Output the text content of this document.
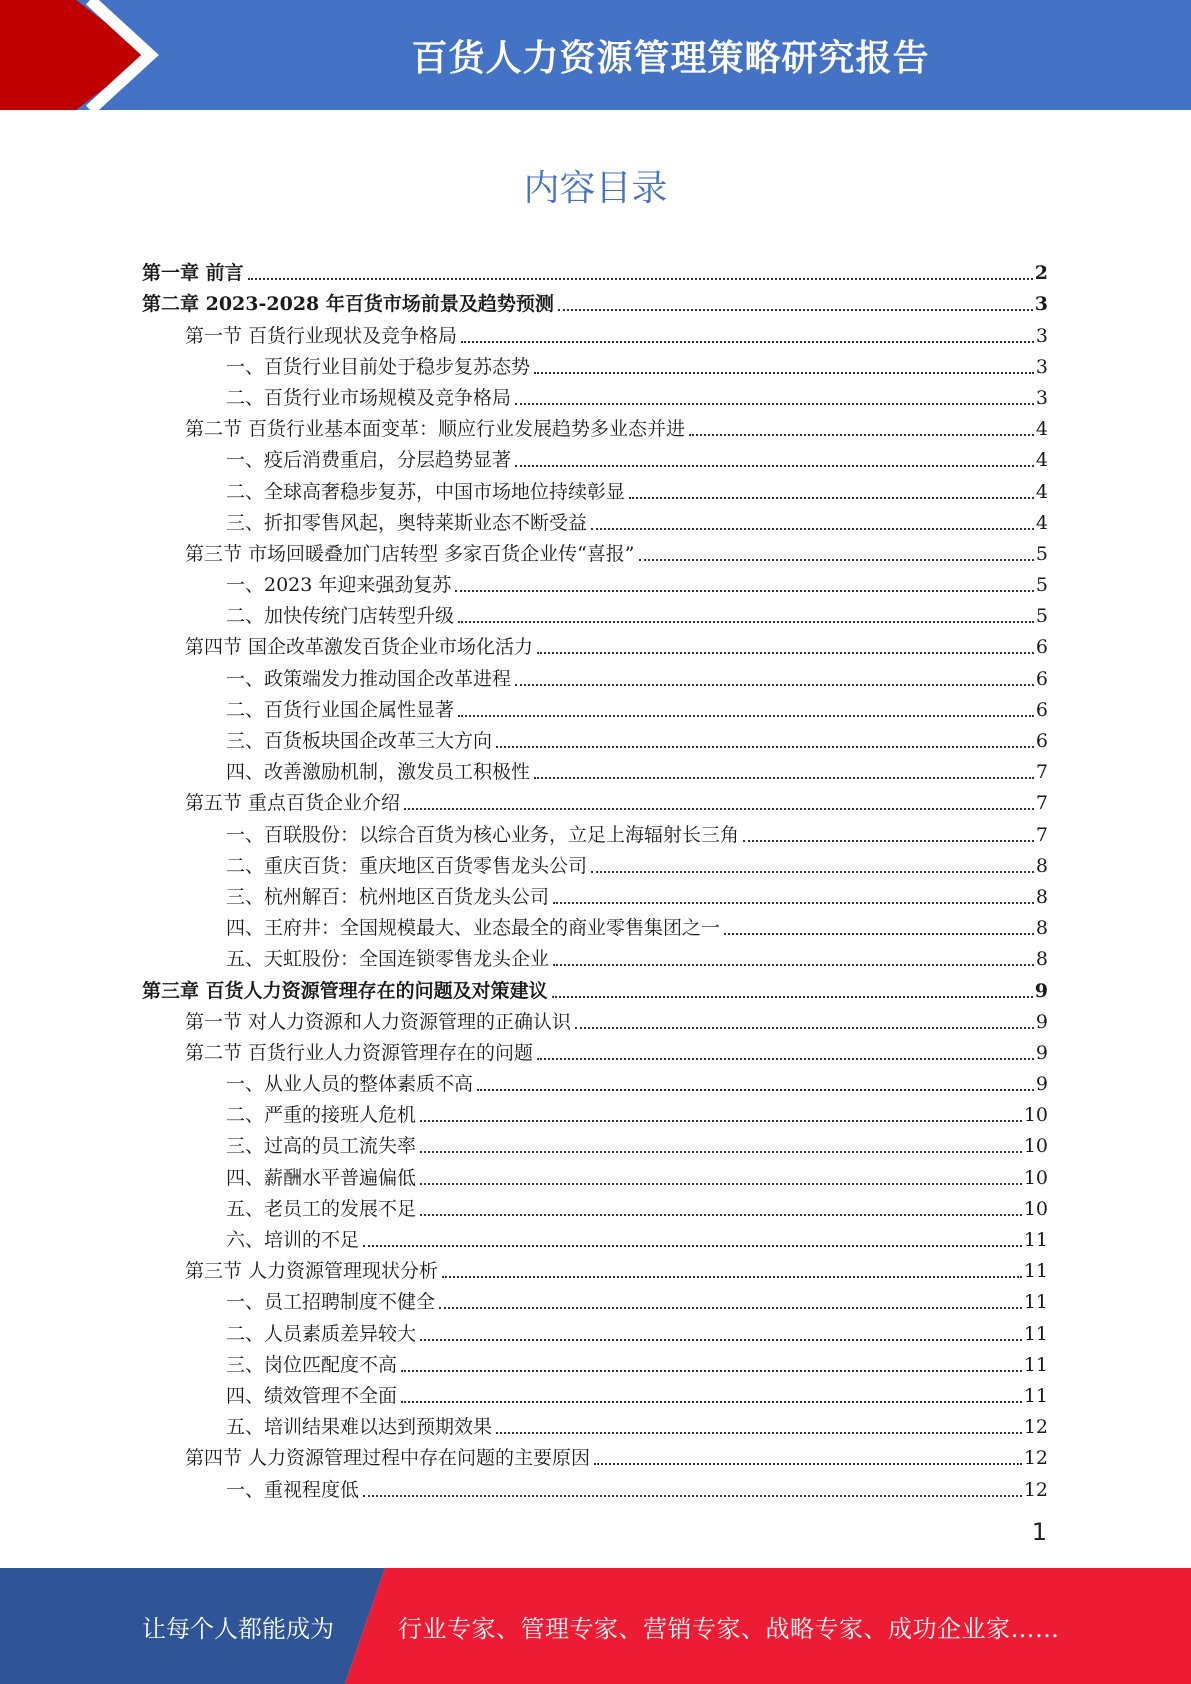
百货人力资源管理策略研究报告
内容目录
第一章 前言	2
第二章 2023-2028 年百货市场前景及趋势预测	3
第一节 百货行业现状及竞争格局	3
一、百货行业目前处于稳步复苏态势	3
二、百货行业市场规模及竞争格局	3
第二节 百货行业基本面变革：顺应行业发展趋势多业态并进	4
一、疫后消费重启，分层趋势显著	4
二、全球高奢稳步复苏，中国市场地位持续彰显	4
三、折扣零售风起，奥特莱斯业态不断受益	4
第三节 市场回暖叠加门店转型 多家百货企业传“喜报”	5
一、2023 年迎来强劲复苏	5
二、加快传统门店转型升级	5
第四节 国企改革激发百货企业市场化活力	6
一、政策端发力推动国企改革进程	6
二、百货行业国企属性显著	6
三、百货板块国企改革三大方向	6
四、改善激励机制，激发员工积极性	7
第五节 重点百货企业介绍	7
一、百联股份：以综合百货为核心业务，立足上海辐射长三角	7
二、重庆百货：重庆地区百货零售龙头公司	8
三、杭州解百：杭州地区百货龙头公司	8
四、王府井：全国规模最大、业态最全的商业零售集团之一	8
五、天虹股份：全国连锁零售龙头企业	8
第三章 百货人力资源管理存在的问题及对策建议	9
第一节 对人力资源和人力资源管理的正确认识	9
第二节 百货行业人力资源管理存在的问题	9
一、从业人员的整体素质不高	9
二、严重的接班人危机	10
三、过高的员工流失率	10
四、薪酬水平普遍偏低	10
五、老员工的发展不足	10
六、培训的不足	11
第三节 人力资源管理现状分析	11
一、员工招聘制度不健全	11
二、人员素质差异较大	11
三、岗位匹配度不高	11
四、绩效管理不全面	11
五、培训结果难以达到预期效果	12
第四节 人力资源管理过程中存在问题的主要原因	12
一、重视程度低	12
1
让每个人都能成为	行业专家、管理专家、营销专家、战略专家、成功企业家……
